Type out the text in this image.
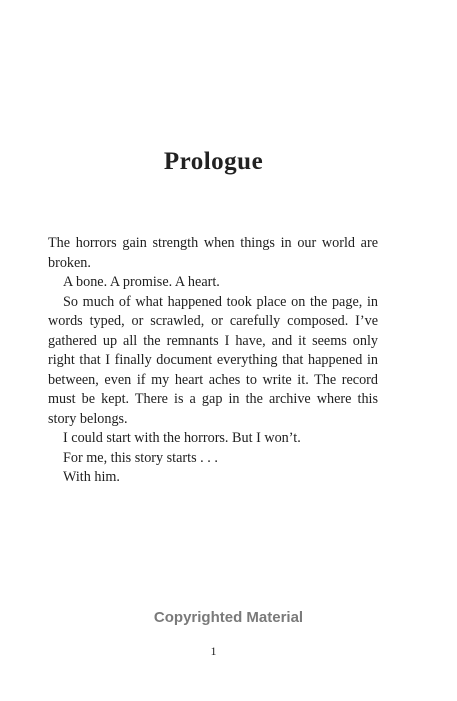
Prologue

The horrors gain strength when things in our world are broken.

A bone. A promise. A heart.

So much of what happened took place on the page, in words typed, or scrawled, or carefully composed. I’ve gathered up all the remnants I have, and it seems only right that I finally document everything that happened in between, even if my heart aches to write it. The record must be kept. There is a gap in the archive where this story belongs.

I could start with the horrors. But I won’t.

For me, this story starts . . .

With him.

Copyrighted Material
1
